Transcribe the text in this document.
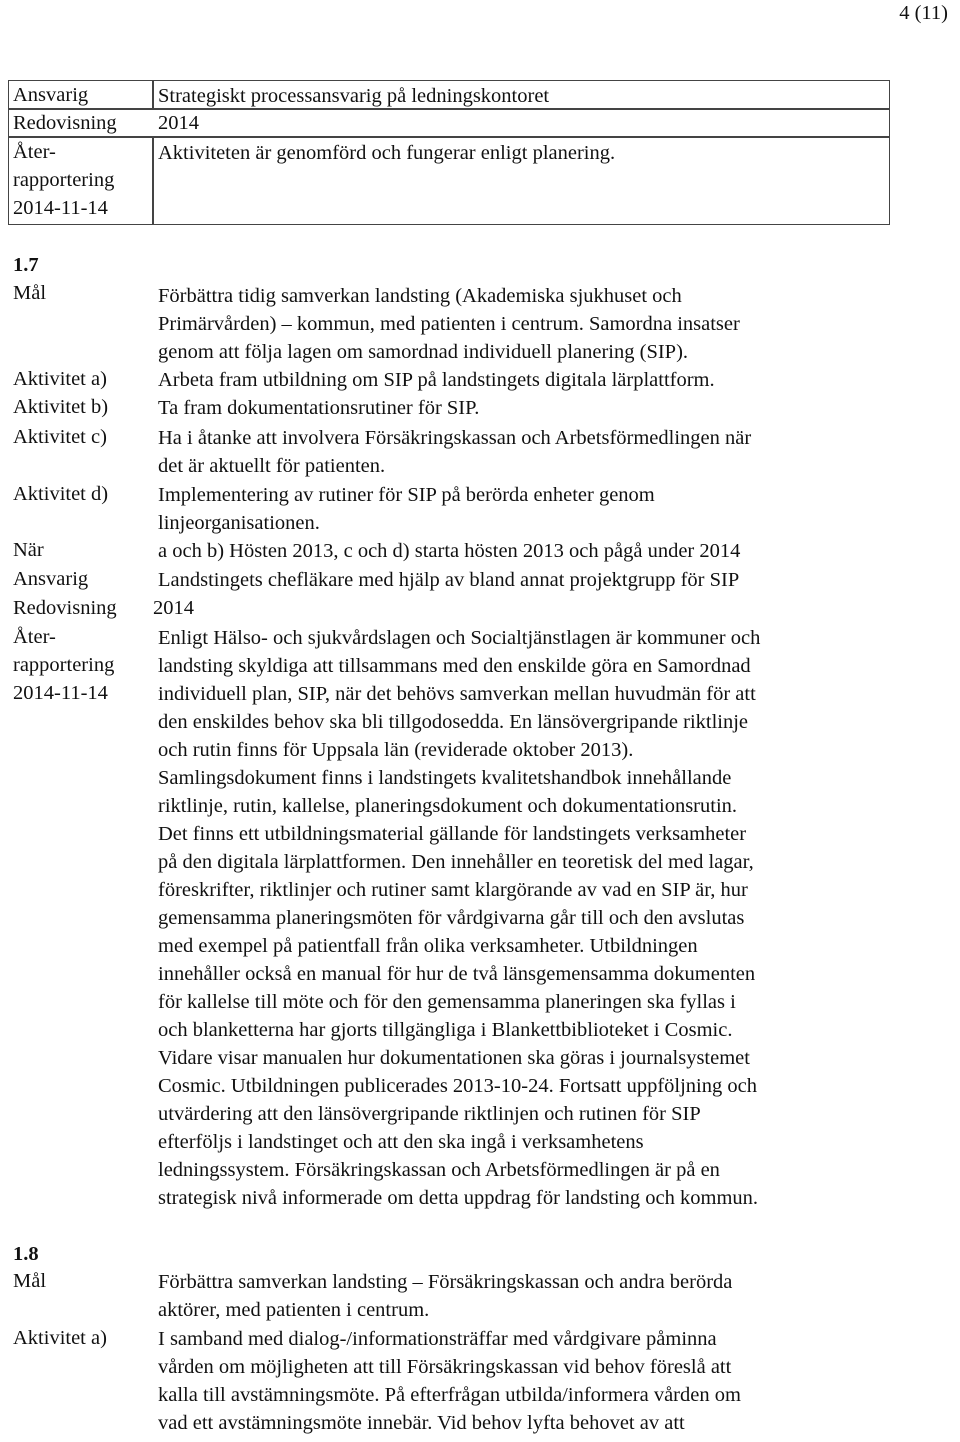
4 (11)
Ansvarig	Strategiskt processansvarig på ledningskontoret
Redovisning 2014
Åter-
rapportering
2014-11-14
Aktiviteten är genomförd och fungerar enligt planering.
1.7
Mål	Förbättra tidig samverkan landsting (Akademiska sjukhuset och
Primärvården) – kommun, med patienten i centrum. Samordna insatser
genom att följa lagen om samordnad individuell planering (SIP).
Aktivitet a) Arbeta fram utbildning om SIP på landstingets digitala lärplattform.
Aktivitet b) Ta fram dokumentationsrutiner för SIP.
Aktivitet c) Ha i åtanke att involvera Försäkringskassan och Arbetsförmedlingen när
det är aktuellt för patienten.
Aktivitet d) Implementering av rutiner för SIP på berörda enheter genom
linjeorganisationen.
När	a och b) Hösten 2013, c och d) starta hösten 2013 och pågå under 2014
Ansvarig	Landstingets chefläkare med hjälp av bland annat projektgrupp för SIP
Redovisning 2014
Åter-
rapportering
2014-11-14
Enligt Hälso- och sjukvårdslagen och Socialtjänstlagen är kommuner och
landsting skyldiga att tillsammans med den enskilde göra en Samordnad
individuell plan, SIP, när det behövs samverkan mellan huvudmän för att
den enskildes behov ska bli tillgodosedda. En länsövergripande riktlinje
och rutin finns för Uppsala län (reviderade oktober 2013).
Samlingsdokument finns i landstingets kvalitetshandbok innehållande
riktlinje, rutin, kallelse, planeringsdokument och dokumentationsrutin.
Det finns ett utbildningsmaterial gällande för landstingets verksamheter
på den digitala lärplattformen. Den innehåller en teoretisk del med lagar,
föreskrifter, riktlinjer och rutiner samt klargörande av vad en SIP är, hur
gemensamma planeringsmöten för vårdgivarna går till och den avslutas
med exempel på patientfall från olika verksamheter. Utbildningen
innehåller också en manual för hur de två länsgemensamma dokumenten
för kallelse till möte och för den gemensamma planeringen ska fyllas i
och blanketterna har gjorts tillgängliga i Blankettbiblioteket i Cosmic.
Vidare visar manualen hur dokumentationen ska göras i journalsystemet
Cosmic. Utbildningen publicerades 2013-10-24. Fortsatt uppföljning och
utvärdering att den länsövergripande riktlinjen och rutinen för SIP
efterföljs i landstinget och att den ska ingå i verksamhetens
ledningssystem. Försäkringskassan och Arbetsförmedlingen är på en
strategisk nivå informerade om detta uppdrag för landsting och kommun.
1.8
Mål	Förbättra samverkan landsting – Försäkringskassan och andra berörda
aktörer, med patienten i centrum.
Aktivitet a) I samband med dialog-/informationsträffar med vårdgivare påminna
vården om möjligheten att till Försäkringskassan vid behov föreslå att
kalla till avstämningsmöte. På efterfrågan utbilda/informera vården om
vad ett avstämningsmöte innebär. Vid behov lyfta behovet av att
